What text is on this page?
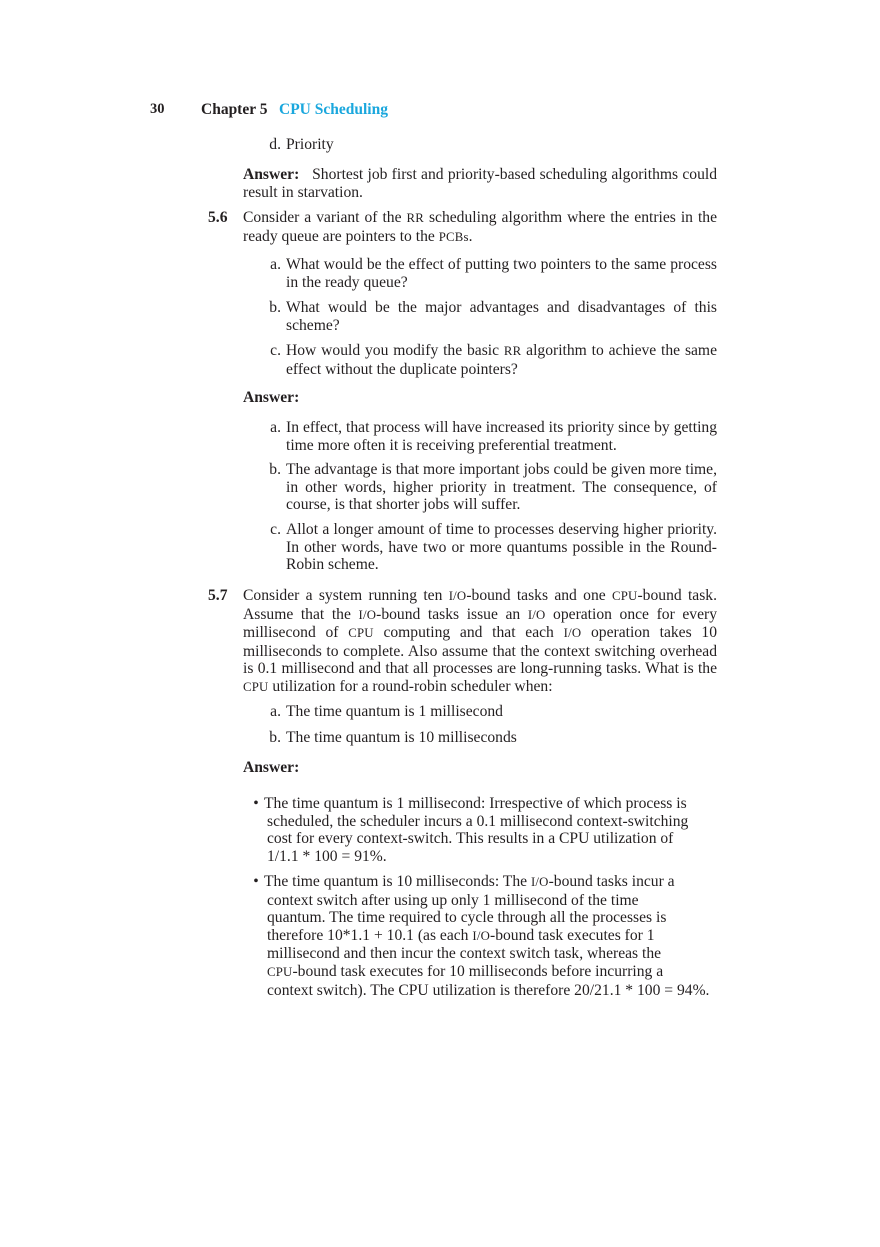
30 Chapter 5 CPU Scheduling
d. Priority
Answer: Shortest job first and priority-based scheduling algorithms could result in starvation.
5.6 Consider a variant of the RR scheduling algorithm where the entries in the ready queue are pointers to the PCBs.
a. What would be the effect of putting two pointers to the same process in the ready queue?
b. What would be the major advantages and disadvantages of this scheme?
c. How would you modify the basic RR algorithm to achieve the same effect without the duplicate pointers?
Answer:
a. In effect, that process will have increased its priority since by getting time more often it is receiving preferential treatment.
b. The advantage is that more important jobs could be given more time, in other words, higher priority in treatment. The consequence, of course, is that shorter jobs will suffer.
c. Allot a longer amount of time to processes deserving higher priority. In other words, have two or more quantums possible in the Round-Robin scheme.
5.7 Consider a system running ten I/O-bound tasks and one CPU-bound task. Assume that the I/O-bound tasks issue an I/O operation once for every millisecond of CPU computing and that each I/O operation takes 10 milliseconds to complete. Also assume that the context switching overhead is 0.1 millisecond and that all processes are long-running tasks. What is the CPU utilization for a round-robin scheduler when:
a. The time quantum is 1 millisecond
b. The time quantum is 10 milliseconds
Answer:
• The time quantum is 1 millisecond: Irrespective of which process is
scheduled, the scheduler incurs a 0.1 millisecond context-switching
cost for every context-switch. This results in a CPU utilization of
1/1.1 * 100 = 91%.
• The time quantum is 10 milliseconds: The I/O-bound tasks incur a
context switch after using up only 1 millisecond of the time
quantum. The time required to cycle through all the processes is
therefore 10*1.1 + 10.1 (as each I/O-bound task executes for 1
millisecond and then incur the context switch task, whereas the
CPU-bound task executes for 10 milliseconds before incurring a
context switch). The CPU utilization is therefore 20/21.1 * 100 = 94%.
